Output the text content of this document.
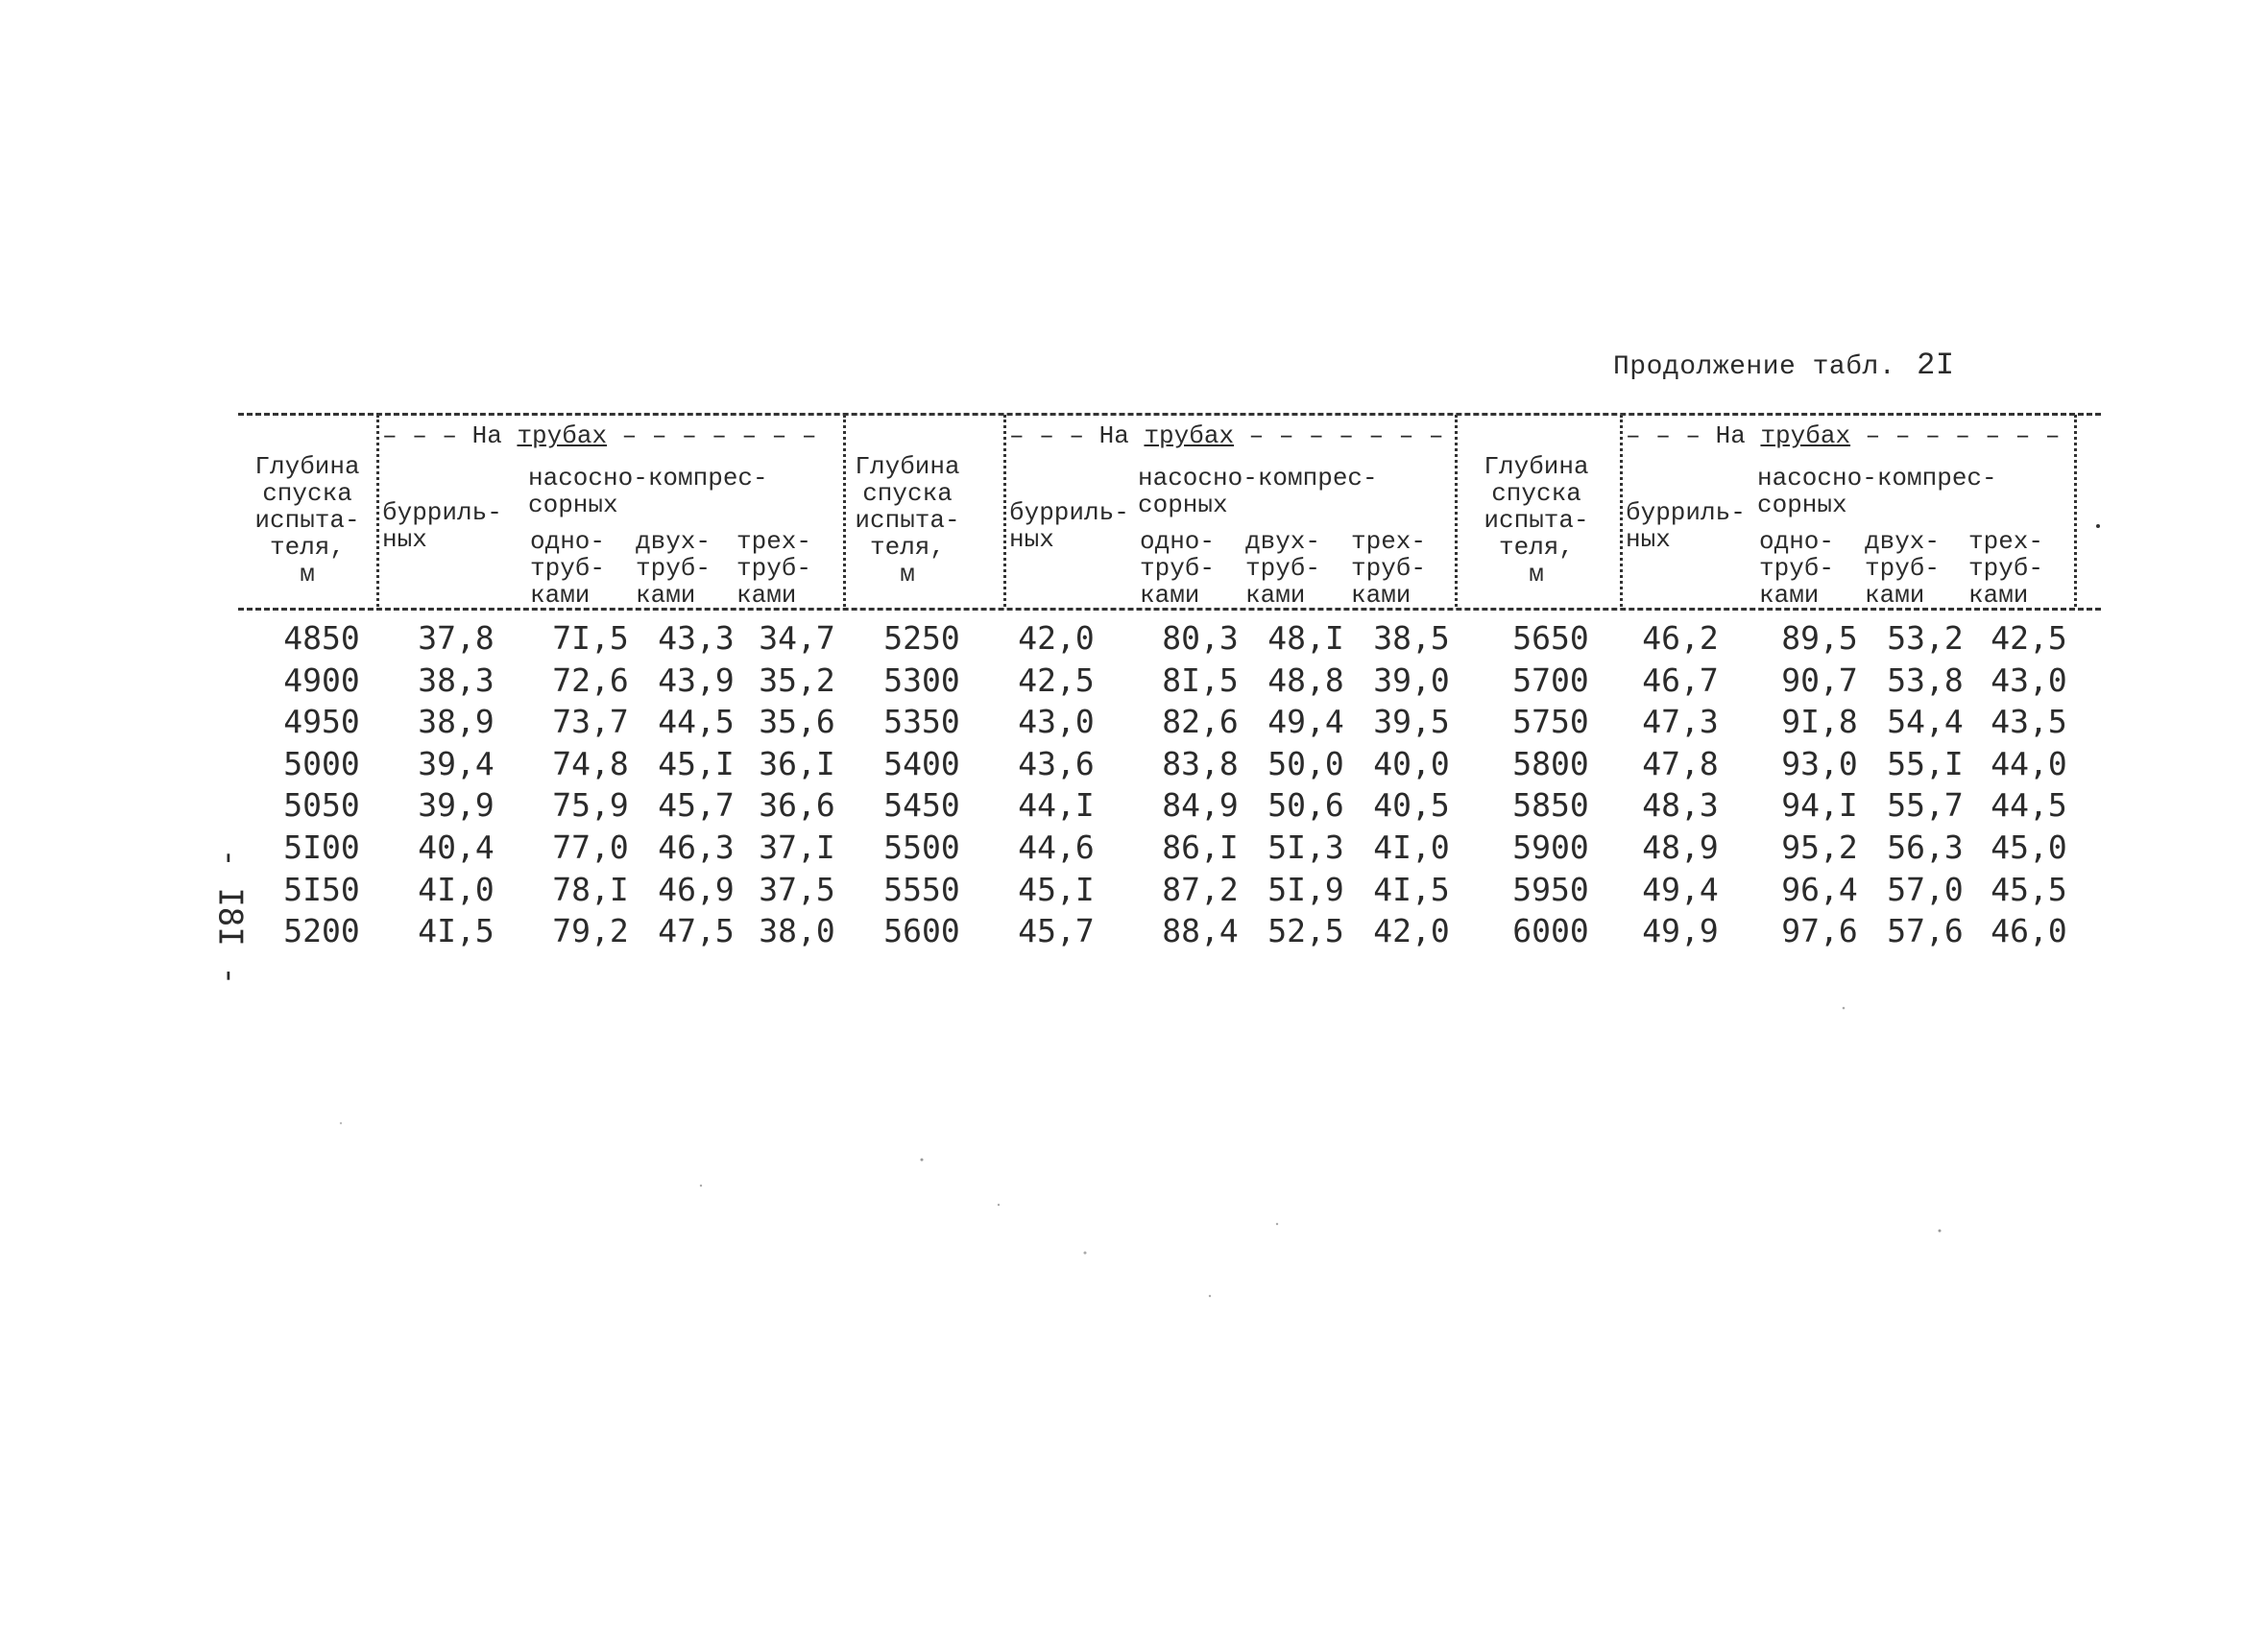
Продолжение табл. 2I
- I8I -
Глубина
спуска
испыта-
теля,
м
– – – На трубах – – – – – – –
бурриль-
ных
насосно-компрес-
сорных
одно-
труб-
ками
двух-
труб-
ками
трех-
труб-
ками
Глубина
спуска
испыта-
теля,
м
– – – На трубах – – – – – – –
бурриль-
ных
насосно-компрес-
сорных
одно-
труб-
ками
двух-
труб-
ками
трех-
труб-
ками
Глубина
спуска
испыта-
теля,
м
– – – На трубах – – – – – – –
бурриль-
ных
насосно-компрес-
сорных
одно-
труб-
ками
двух-
труб-
ками
трех-
труб-
ками
4850	37,8	7I,5 43,3 34,7
4900	38,3	72,6 43,9 35,2
4950	38,9	73,7 44,5 35,6
5000	39,4	74,8 45,I 36,I
5050	39,9	75,9 45,7 36,6
5I00	40,4	77,0 46,3 37,I
5I50	4I,0	78,I 46,9 37,5
5200	4I,5	79,2 47,5 38,0
5250	42,0	80,3 48,I 38,5
5300	42,5	8I,5 48,8 39,0
5350	43,0	82,6 49,4 39,5
5400	43,6	83,8 50,0 40,0
5450	44,I	84,9 50,6 40,5
5500	44,6	86,I 5I,3 4I,0
5550	45,I	87,2 5I,9 4I,5
5600	45,7	88,4 52,5 42,0
5650	46,2	89,5 53,2 42,5
5700	46,7	90,7 53,8 43,0
5750	47,3	9I,8 54,4 43,5
5800	47,8	93,0 55,I 44,0
5850	48,3	94,I 55,7 44,5
5900	48,9	95,2 56,3 45,0
5950	49,4	96,4 57,0 45,5
6000	49,9	97,6 57,6 46,0
